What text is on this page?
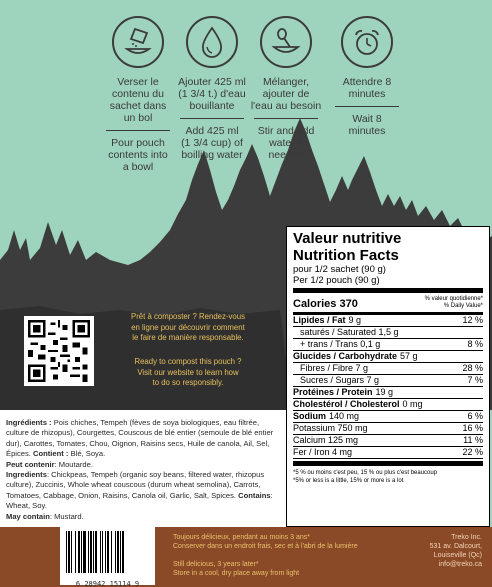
Verser le
contenu du
sachet dans
un bol
Pour pouch
contents into
a bowl
Ajouter 425 ml
(1 3/4 t.) d'eau
bouillante
Add 425 ml
(1 3/4 cup) of
boilling water
Mélanger,
ajouter de
l'eau au besoin
Stir and add
water if
needed
Attendre 8
minutes
Wait 8
minutes
Prêt à composter ? Rendez-vous
en ligne pour découvrir comment
le faire de manière responsable.
Ready to compost this pouch ?
Visit our website to learn how
to do so responsibly.
Ingrédients : Pois chiches, Tempeh (fèves de soya biologiques, eau filtrée, culture de rhizopus), Courgettes, Couscous de blé entier (semoule de blé entier dur), Carottes, Tomates, Chou, Oignon, Raisins secs, Huile de canola, Ail, Sel, Épices. Contient : Blé, Soya.
Peut contenir: Moutarde.
Ingredients: Chickpeas, Tempeh (organic soy beans, filtered water, rhizopus culture), Zuccinis, Whole wheat couscous (durum wheat semolina), Carrots, Tomatoes, Cabbage, Onion, Raisins, Canola oil, Garlic, Salt, Spices. Contains: Wheat, Soy.
May contain: Mustard.
Valeur nutritive
Nutrition Facts
pour 1/2 sachet (90 g)
Per 1/2 pouch (90 g)
Calories 370	% valeur quotidienne*
% Daily Value*
Lipides / Fat 9 g	12 %
saturés / Saturated 1,5 g
+ trans / Trans 0,1 g	8 %
Glucides / Carbohydrate 57 g
Fibres / Fibre 7 g	28 %
Sucres / Sugars 7 g	7 %
Protéines / Protein 19 g
Cholestérol / Cholesterol 0 mg
Sodium 140 mg	6 %
Potassium 750 mg	16 %
Calcium 125 mg	11 %
Fer / Iron 4 mg	22 %
*5 % ou moins c'est peu, 15 % ou plus c'est beaucoup
*5% or less is a little, 15% or more is a lot
6 28942 15114 9
Toujours délicieux, pendant au moins 3 ans*
Conserver dans un endroit frais, sec et à l'abri de la lumière
Still delicious, 3 years later*
Store in a cool, dry place away from light
Treko Inc.
531 av. Dalcourt,
Louiseville (Qc)
info@treko.ca
